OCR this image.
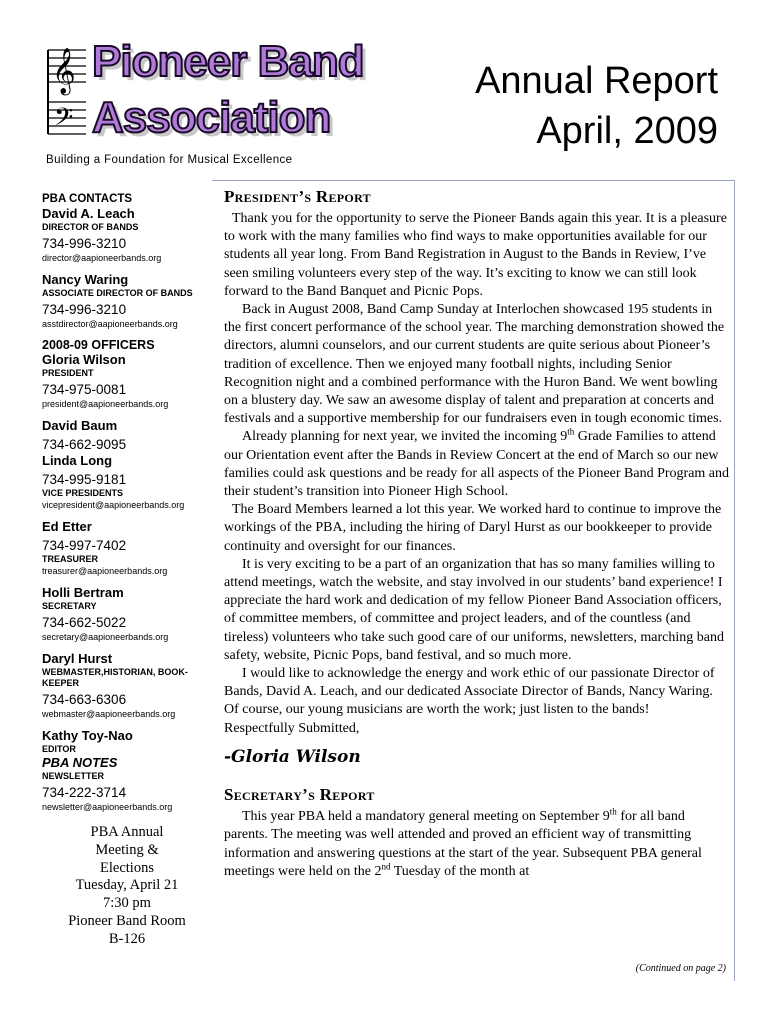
𝄞
𝄢
Pioneer Band
Association
Annual Report
April, 2009
Building a Foundation for Musical Excellence
PBA CONTACTS
David A. Leach
DIRECTOR OF BANDS
734-996-3210
director@aapioneerbands.org
Nancy Waring
ASSOCIATE DIRECTOR OF BANDS
734-996-3210
asstdirector@aapioneerbands.org
2008-09 OFFICERS
Gloria Wilson
PRESIDENT
734-975-0081
president@aapioneerbands.org
David Baum
734-662-9095
Linda Long
734-995-9181
VICE PRESIDENTS
vicepresident@aapioneerbands.org
Ed Etter
734-997-7402
TREASURER
treasurer@aapioneerbands.org
Holli Bertram
SECRETARY
734-662-5022
secretary@aapioneerbands.org
Daryl Hurst
WEBMASTER,HISTORIAN, BOOK-KEEPER
734-663-6306
webmaster@aapioneerbands.org
Kathy Toy-Nao
EDITOR
PBA NOTES
NEWSLETTER
734-222-3714
newsletter@aapioneerbands.org
PBA Annual
Meeting &
Elections
Tuesday, April 21
7:30 pm
Pioneer Band Room
B-126
President’s Report

Thank you for the opportunity to serve the Pioneer Bands again this year. It is a pleasure to work with the many families who find ways to make opportunities available for our students all year long. From Band Registration in August to the Bands in Review, I’ve seen smiling volunteers every step of the way. It’s exciting to know we can still look forward to the Band Banquet and Picnic Pops.

Back in August 2008, Band Camp Sunday at Interlochen showcased 195 students in the first concert performance of the school year. The marching demonstration showed the directors, alumni counselors, and our current students are quite serious about Pioneer’s tradition of excellence. Then we enjoyed many football nights, including Senior Recognition night and a combined performance with the Huron Band. We went bowling on a blustery day. We saw an awesome display of talent and preparation at concerts and festivals and a supportive membership for our fundraisers even in tough economic times.

Already planning for next year, we invited the incoming 9th Grade Families to attend our Orientation event after the Bands in Review Concert at the end of March so our new families could ask questions and be ready for all aspects of the Pioneer Band Program and their student’s transition into Pioneer High School.

The Board Members learned a lot this year. We worked hard to continue to improve the workings of the PBA, including the hiring of Daryl Hurst as our bookkeeper to provide continuity and oversight for our finances.

It is very exciting to be a part of an organization that has so many families willing to attend meetings, watch the website, and stay involved in our students’ band experience! I appreciate the hard work and dedication of my fellow Pioneer Band Association officers, of committee members, of committee and project leaders, and of the countless (and tireless) volunteers who take such good care of our uniforms, newsletters, marching band safety, website, Picnic Pops, band festival, and so much more.

I would like to acknowledge the energy and work ethic of our passionate Director of Bands, David A. Leach, and our dedicated Associate Director of Bands, Nancy Waring. Of course, our young musicians are worth the work; just listen to the bands!

Respectfully Submitted,

-Gloria Wilson
Secretary’s Report

This year PBA held a mandatory general meeting on September 9th for all band parents. The meeting was well attended and proved an efficient way of transmitting information and answering questions at the start of the year. Subsequent PBA general meetings were held on the 2nd Tuesday of the month at

(Continued on page 2)
